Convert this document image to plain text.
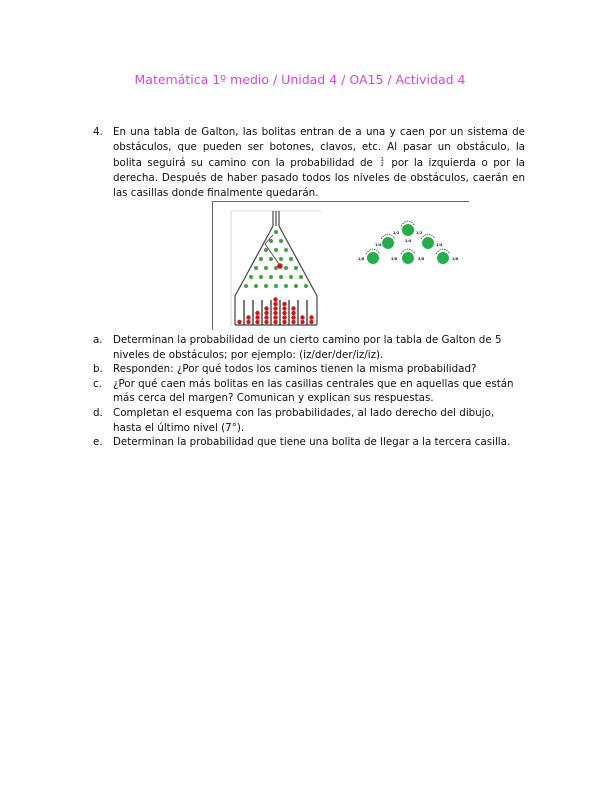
Matemática 1º medio / Unidad 4 / OA15 / Actividad 4
4. En una tabla de Galton, las bolitas entran de a una y caen por un sistema de obstáculos, que pueden ser botones, clavos, etc. Al pasar un obstáculo, la bolita seguirá su camino con la probabilidad de 1
2 por la izquierda o por la derecha. Después de haber pasado todos los niveles de obstáculos, caerán en las casillas donde finalmente quedarán.
1/2	1/2
1/4
2/4
1/4
1/8	3/8	3/8	1/8
a.	Determinan la probabilidad de un cierto camino por la tabla de Galton de 5 niveles de obstáculos; por ejemplo: (iz/der/der/iz/iz).
b. Responden: ¿Por qué todos los caminos tienen la misma probabilidad?
c.	¿Por qué caen más bolitas en las casillas centrales que en aquellas que están más cerca del margen? Comunican y explican sus respuestas.
d. Completan el esquema con las probabilidades, al lado derecho del dibujo, hasta el último nivel (7°).
e.	Determinan la probabilidad que tiene una bolita de llegar a la tercera casilla.
